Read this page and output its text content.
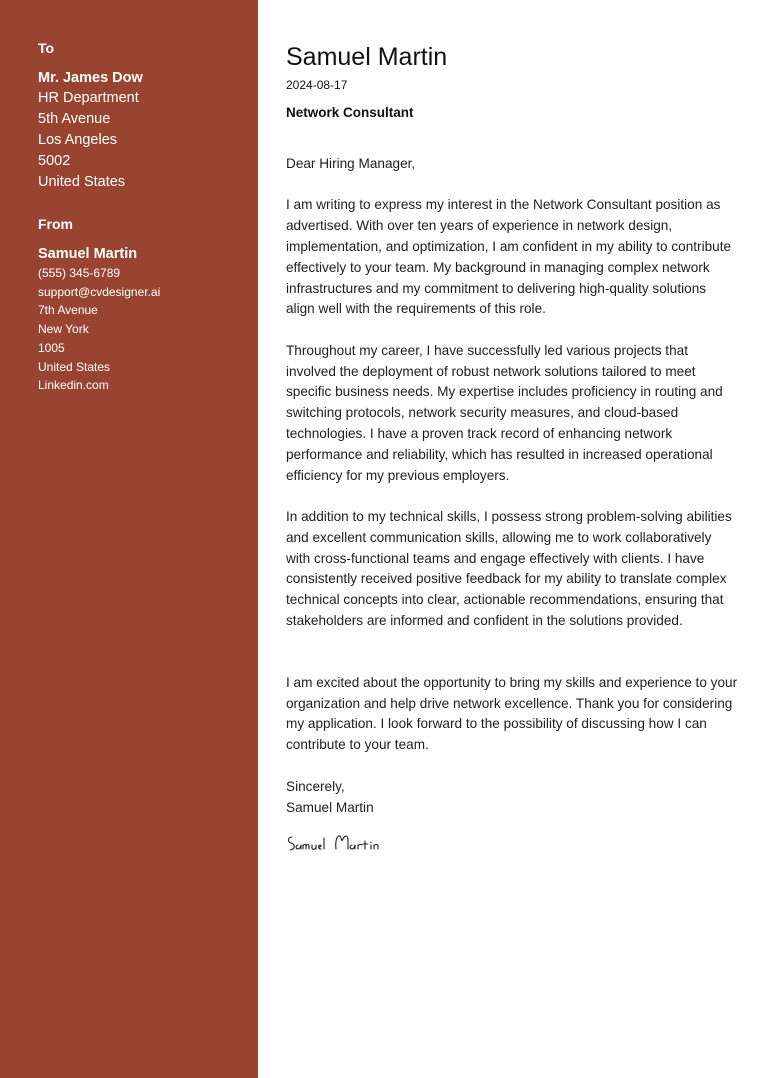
To
Mr. James Dow
HR Department
5th Avenue
Los Angeles
5002
United States
From
Samuel Martin
(555) 345-6789
support@cvdesigner.ai
7th Avenue
New York
1005
United States
Linkedin.com
Samuel Martin
2024-08-17
Network Consultant
Dear Hiring Manager,
I am writing to express my interest in the Network Consultant position as advertised. With over ten years of experience in network design, implementation, and optimization, I am confident in my ability to contribute effectively to your team. My background in managing complex network infrastructures and my commitment to delivering high-quality solutions align well with the requirements of this role.
Throughout my career, I have successfully led various projects that involved the deployment of robust network solutions tailored to meet specific business needs. My expertise includes proficiency in routing and switching protocols, network security measures, and cloud-based technologies. I have a proven track record of enhancing network performance and reliability, which has resulted in increased operational efficiency for my previous employers.
In addition to my technical skills, I possess strong problem-solving abilities and excellent communication skills, allowing me to work collaboratively with cross-functional teams and engage effectively with clients. I have consistently received positive feedback for my ability to translate complex technical concepts into clear, actionable recommendations, ensuring that stakeholders are informed and confident in the solutions provided.
I am excited about the opportunity to bring my skills and experience to your organization and help drive network excellence. Thank you for considering my application. I look forward to the possibility of discussing how I can contribute to your team.
Sincerely,
Samuel Martin
